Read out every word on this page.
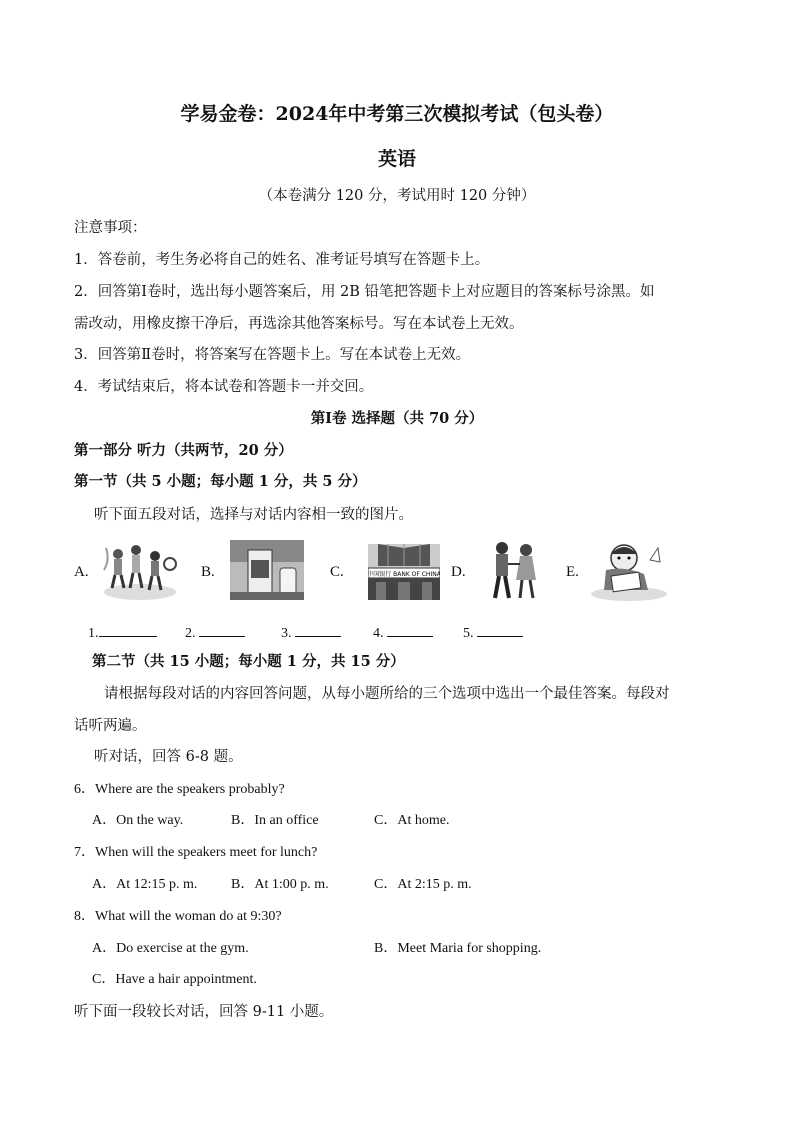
学易金卷：2024年中考第三次模拟考试（包头卷）
英语
（本卷满分 120 分，考试用时 120 分钟）
注意事项：
1．答卷前，考生务必将自己的姓名、准考证号填写在答题卡上。
2．回答第Ⅰ卷时，选出每小题答案后，用 2B 铅笔把答题卡上对应题目的答案标号涂黑。如
需改动，用橡皮擦干净后，再选涂其他答案标号。写在本试卷上无效。
3．回答第Ⅱ卷时，将答案写在答题卡上。写在本试卷上无效。
4．考试结束后，将本试卷和答题卡一并交回。
第Ⅰ卷 选择题（共 70 分）
第一部分 听力（共两节，20 分）
第一节（共 5 小题；每小题 1 分，共 5 分）
听下面五段对话，选择与对话内容相一致的图片。
A.	B.	C.	中国银行 BANK OF CHINA D.	E.
1.	2.	3.	4.	5.
第二节（共 15 小题；每小题 1 分，共 15 分）
请根据每段对话的内容回答问题，从每小题所给的三个选项中选出一个最佳答案。每段对
话听两遍。
听对话，回答 6-8 题。
6．Where are the speakers probably?
A．On the way.	B．In an office	C．At home.
7．When will the speakers meet for lunch?
A．At 12:15 p. m. B．At 1:00 p. m.	C．At 2:15 p. m.
8．What will the woman do at 9:30?
A．Do exercise at the gym.	B．Meet Maria for shopping.
C．Have a hair appointment.
听下面一段较长对话，回答 9-11 小题。
